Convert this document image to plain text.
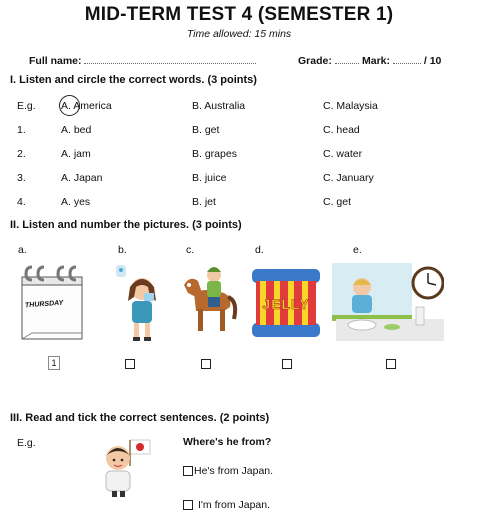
MID-TERM TEST 4 (SEMESTER 1)
Time allowed: 15 mins
Full name:	Grade:	Mark:	/ 10
I. Listen and circle the correct words. (3 points)
E.g. A. America	B. Australia	C. Malaysia
1.	A. bed	B. get	C. head
2.	A. jam	B. grapes	C. water
3.	A. Japan	B. juice	C. January
4.	A. yes	B. jet	C. get
II. Listen and number the pictures. (3 points)
a.	b.	c.	d.	e.
THURSDAY	JELLY
1
III. Read and tick the correct sentences. (2 points)
E.g.	Where's he from?
He's from Japan.
I'm from Japan.
